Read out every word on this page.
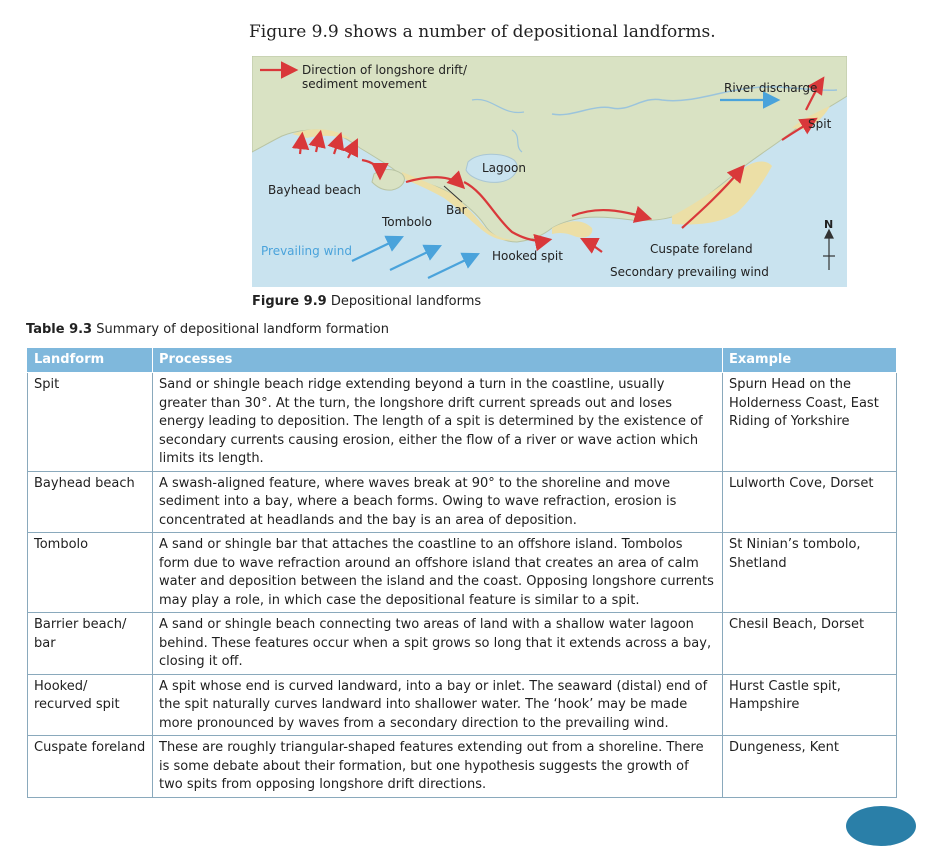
Figure 9.9 shows a number of depositional landforms.
Direction of longshore drift/
sediment movement
Lagoon
Bayhead beach
Bar
Tombolo
Prevailing wind	Hooked spit	Cuspate foreland
Secondary prevailing wind
River discharge
Spit
N
Figure 9.9 Depositional landforms
Table 9.3 Summary of depositional landform formation
Landform	Processes	Example
Spit	Sand or shingle beach ridge extending beyond a turn in the coastline, usually greater than 30°. At the turn, the longshore drift current spreads out and loses energy leading to deposition. The length of a spit is determined by the existence of secondary currents causing erosion, either the flow of a river or wave action which limits its length.	Spurn Head on the Holderness Coast, East Riding of Yorkshire
Bayhead beach	A swash-aligned feature, where waves break at 90° to the shoreline and move sediment into a bay, where a beach forms. Owing to wave refraction, erosion is concentrated at headlands and the bay is an area of deposition.	Lulworth Cove, Dorset
Tombolo	A sand or shingle bar that attaches the coastline to an offshore island. Tombolos form due to wave refraction around an offshore island that creates an area of calm water and deposition between the island and the coast. Opposing longshore currents may play a role, in which case the depositional feature is similar to a spit.	St Ninian’s tombolo, Shetland
Barrier beach/ bar	A sand or shingle beach connecting two areas of land with a shallow water lagoon behind. These features occur when a spit grows so long that it extends across a bay, closing it off.	Chesil Beach, Dorset
Hooked/ recurved spit	A spit whose end is curved landward, into a bay or inlet. The seaward (distal) end of the spit naturally curves landward into shallower water. The ‘hook’ may be made more pronounced by waves from a secondary direction to the prevailing wind.	Hurst Castle spit, Hampshire
Cuspate foreland	These are roughly triangular-shaped features extending out from a shoreline. There is some debate about their formation, but one hypothesis suggests the growth of two spits from opposing longshore drift directions.	Dungeness, Kent
